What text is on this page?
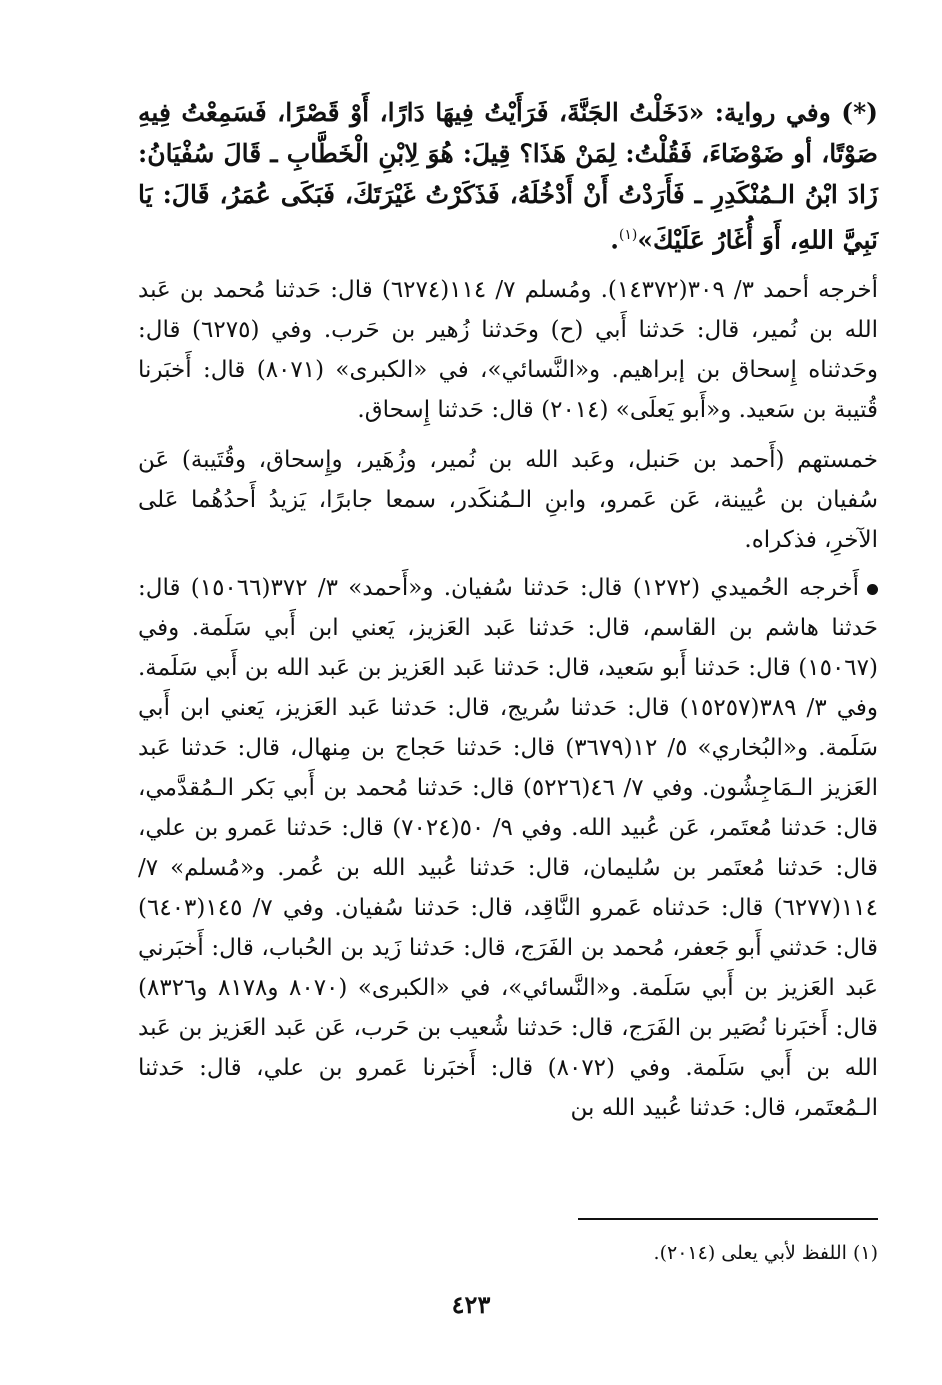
(*) وفي رواية: «دَخَلْتُ الجَنَّةَ، فَرَأَيْتُ فِيهَا دَارًا، أَوْ قَصْرًا، فَسَمِعْتُ فِيهِ صَوْتًا، أو ضَوْضَاءَ، فَقُلْتُ: لِمَنْ هَذَا؟ قِيلَ: هُوَ لِابْنِ الْخَطَّابِ ـ قَالَ سُفْيَانُ: زَادَ ابْنُ الـمُنْكَدِرِ ـ فَأَرَدْتُ أَنْ أَدْخُلَهُ، فَذَكَرْتُ غَيْرَتَكَ، فَبَكَى عُمَرُ، قَالَ: يَا نَبِيَّ اللهِ، أَوَ أُغَارُ عَلَيْكَ»$^{(١)}$.

أخرجه أحمد ٣/ ٣٠٩(١٤٣٧٢). ومُسلم ٧/ ١١٤(٦٢٧٤) قال: حَدثنا مُحمد بن عَبد الله بن نُمير، قال: حَدثنا أَبي (ح) وحَدثنا زُهير بن حَرب. وفي (٦٢٧٥) قال: وحَدثناه إِسحاق بن إبراهيم. و«النَّسائي»، في «الكبرى» (٨٠٧١) قال: أَخبَرنا قُتيبة بن سَعيد. و«أَبو يَعلَى» (٢٠١٤) قال: حَدثنا إِسحاق.

خمستهم (أَحمد بن حَنبل، وعَبد الله بن نُمير، وزُهَير، وإِسحاق، وقُتَيبة) عَن سُفيان بن عُيينة، عَن عَمرو، وابنِ الـمُنكَدر، سمعا جابرًا، يَزيدُ أَحدُهُما عَلى الآخرِ، فذكراه.

أَخرجه الحُميدي (١٢٧٢) قال: حَدثنا سُفيان. و«أَحمد» ٣/ ٣٧٢(١٥٠٦٦) قال: حَدثنا هاشم بن القاسم، قال: حَدثنا عَبد العَزيز، يَعني ابن أَبي سَلَمة. وفي (١٥٠٦٧) قال: حَدثنا أَبو سَعيد، قال: حَدثنا عَبد العَزيز بن عَبد الله بن أَبي سَلَمة. وفي ٣/ ٣٨٩(١٥٢٥٧) قال: حَدثنا سُريج، قال: حَدثنا عَبد العَزيز، يَعني ابن أَبي سَلَمة. و«البُخاري» ٥/ ١٢(٣٦٧٩) قال: حَدثنا حَجاج بن مِنهال، قال: حَدثنا عَبد العَزيز الـمَاجِشُون. وفي ٧/ ٤٦(٥٢٢٦) قال: حَدثنا مُحمد بن أَبي بَكر الـمُقدَّمي، قال: حَدثنا مُعتَمر، عَن عُبيد الله. وفي ٩/ ٥٠(٧٠٢٤) قال: حَدثنا عَمرو بن علي، قال: حَدثنا مُعتَمر بن سُليمان، قال: حَدثنا عُبيد الله بن عُمر. و«مُسلم» ٧/ ١١٤(٦٢٧٧) قال: حَدثناه عَمرو النَّاقِد، قال: حَدثنا سُفيان. وفي ٧/ ١٤٥(٦٤٠٣) قال: حَدثني أَبو جَعفر، مُحمد بن الفَرَج، قال: حَدثنا زَيد بن الحُباب، قال: أَخبَرني عَبد العَزيز بن أَبي سَلَمة. و«النَّسائي»، في «الكبرى» (٨٠٧٠ و٨١٧٨ و٨٣٢٦) قال: أَخبَرنا نُصَير بن الفَرَج، قال: حَدثنا شُعيب بن حَرب، عَن عَبد العَزيز بن عَبد الله بن أَبي سَلَمة. وفي (٨٠٧٢) قال: أَخبَرنا عَمرو بن علي، قال: حَدثنا الـمُعتَمر، قال: حَدثنا عُبيد الله بن

(١) اللفظ لأبي يعلى (٢٠١٤).
٤٢٣
